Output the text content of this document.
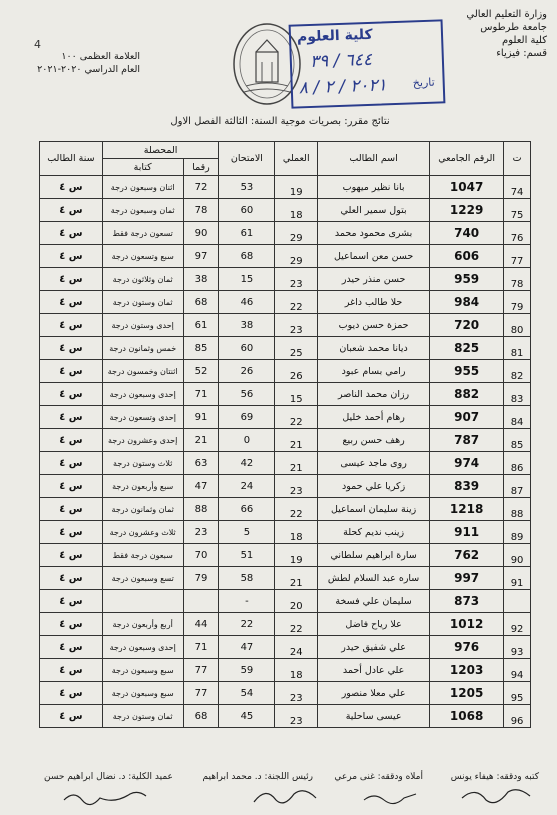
وزارة التعليم العالي
جامعة طرطوس
كلية العلوم
قسم: فيزياء
4
العلامة العظمى ١٠٠
العام الدراسي ٢٠٢٠-٢٠٢١
كلية العلوم
٦٤٤ / ٣٩
٢٠٢١ / ٢ / ٨ تاريخ
نتائج مقرر: بصريات موجية السنة: الثالثة الفصل الاول
ت	الرقم الجامعي	اسم الطالب	العملي	الامتحان	المحصلة		سنة الطالب
					رقما	كتابة	
74	1047	بانا نظير ميهوب	19	53	72	اثنان وسبعون درجة	س ٤
75	1229	بتول سمير العلي	18	60	78	ثمان وسبعون درجة	س ٤
76	740	بشرى محمود محمد	29	61	90	تسعون درجة فقط	س ٤
77	606	حسن معن اسماعيل	29	68	97	سبع وتسعون درجة	س ٤
78	959	حسن منذر حيدر	23	15	38	ثمان وثلاثون درجة	س ٤
79	984	حلا طالب داغر	22	46	68	ثمان وستون درجة	س ٤
80	720	حمزة حسن ديوب	23	38	61	إحدى وستون درجة	س ٤
81	825	ديانا محمد شعبان	25	60	85	خمس وثمانون درجة	س ٤
82	955	رامي بسام عبود	26	26	52	اثنتان وخمسون درجة	س ٤
83	882	رزان محمد الناصر	15	56	71	إحدى وسبعون درجة	س ٤
84	907	رهام أحمد خليل	22	69	91	إحدى وتسعون درجة	س ٤
85	787	رهف حسن ربيع	21	0	21	إحدى وعشرون درجة	س ٤
86	974	روى ماجد عيسى	21	42	63	ثلاث وستون درجة	س ٤
87	839	زكريا علي حمود	23	24	47	سبع وأربعون درجة	س ٤
88	1218	زينة سليمان اسماعيل	22	66	88	ثمان وثمانون درجة	س ٤
89	911	زينب نديم كحلة	18	5	23	ثلاث وعشرون درجة	س ٤
90	762	سارة ابراهيم سلطاني	19	51	70	سبعون درجة فقط	س ٤
91	997	ساره عبد السلام لطش	21	58	79	تسع وسبعون درجة	س ٤
	873	سليمان علي فسخة	20	-			س ٤
92	1012	علا رياح فاضل	22	22	44	أربع وأربعون درجة	س ٤
93	976	علي شفيق حيدر	24	47	71	إحدى وسبعون درجة	س ٤
94	1203	علي عادل أحمد	18	59	77	سبع وسبعون درجة	س ٤
95	1205	علي معلا منصور	23	54	77	سبع وسبعون درجة	س ٤
96	1068	عيسى ساحلية	23	45	68	ثمان وستون درجة	س ٤
كتبه ودققه: هيفاء يونس
أملاه ودققه: غنى مرعي
رئيس اللجنة: د. محمد ابراهيم
عميد الكلية: د. نضال ابراهيم حسن
